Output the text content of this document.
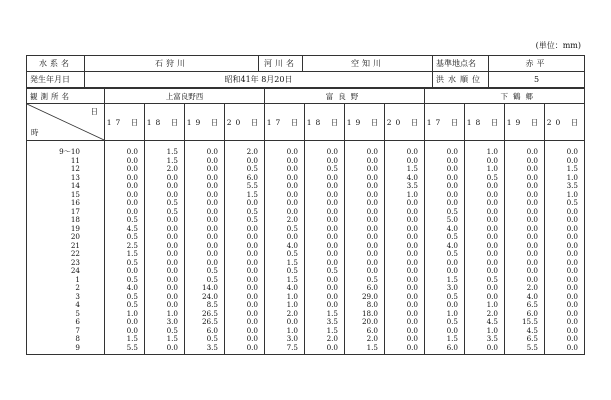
(単位：mm)
水系名	石狩川	河川名	空知川	基準地点名	赤平
発生年月日	昭和41年 8月20日			洪水順位	5
観測所名	上富良野西				富良野				下鶴郷			

日
時	17 日	18 日	19 日	20 日	17 日	18 日	19 日	20 日	17 日	18 日	19 日	20 日
9～10	0.0	1.5	0.0	2.0	0.0	0.0	0.0	0.0	0.0	1.0	0.0	0.0
11	0.0	1.5	0.0	0.0	0.0	0.0	0.0	0.0	0.0	0.0	0.0	0.0
12	0.0	2.0	0.0	0.5	0.0	0.5	0.0	1.5	0.0	1.0	0.0	1.5
13	0.0	0.0	0.0	6.0	0.0	0.0	0.0	4.0	0.0	0.5	0.0	1.0
14	0.0	0.0	0.0	5.5	0.0	0.0	0.0	3.5	0.0	0.0	0.0	3.5
15	0.0	0.0	0.0	1.5	0.0	0.0	0.0	1.0	0.0	0.0	0.0	1.0
16	0.0	0.5	0.0	0.0	0.0	0.0	0.0	0.0	0.0	0.0	0.0	0.5
17	0.0	0.5	0.0	0.5	0.0	0.0	0.0	0.0	0.5	0.0	0.0	0.0
18	0.5	0.0	0.0	0.5	2.0	0.0	0.0	0.0	5.0	0.0	0.0	0.0
19	4.5	0.0	0.0	0.0	0.5	0.0	0.0	0.0	4.0	0.0	0.0	0.0
20	0.5	0.0	0.0	0.0	0.0	0.0	0.0	0.0	0.5	0.0	0.0	0.0
21	2.5	0.0	0.0	0.0	4.0	0.0	0.0	0.0	4.0	0.0	0.0	0.0
22	1.5	0.0	0.0	0.0	0.5	0.0	0.0	0.0	0.5	0.0	0.0	0.0
23	0.5	0.0	0.0	0.0	1.5	0.0	0.0	0.0	0.0	0.0	0.0	0.0
24	0.0	0.0	0.5	0.0	0.5	0.5	0.0	0.0	0.0	0.0	0.0	0.0
1	0.5	0.0	0.5	0.0	1.5	0.0	0.5	0.0	1.5	0.5	0.0	0.0
2	4.0	0.0	14.0	0.0	4.0	0.0	6.0	0.0	3.0	0.0	2.0	0.0
3	0.5	0.0	24.0	0.0	1.0	0.0	29.0	0.0	0.5	0.0	4.0	0.0
4	0.5	0.0	8.5	0.0	1.0	0.0	8.0	0.0	0.0	1.0	6.5	0.0
5	1.0	1.0	26.5	0.0	2.0	1.5	18.0	0.0	1.0	2.0	6.0	0.0
6	0.0	3.0	26.5	0.0	0.0	3.5	20.0	0.0	0.5	4.5	15.5	0.0
7	0.0	0.5	6.0	0.0	1.0	1.5	6.0	0.0	0.0	1.0	4.5	0.0
8	1.5	1.5	0.5	0.0	3.0	2.0	2.0	0.0	1.5	3.5	6.5	0.0
9	5.5	0.0	3.5	0.0	7.5	0.0	1.5	0.0	6.0	0.0	5.5	0.0
